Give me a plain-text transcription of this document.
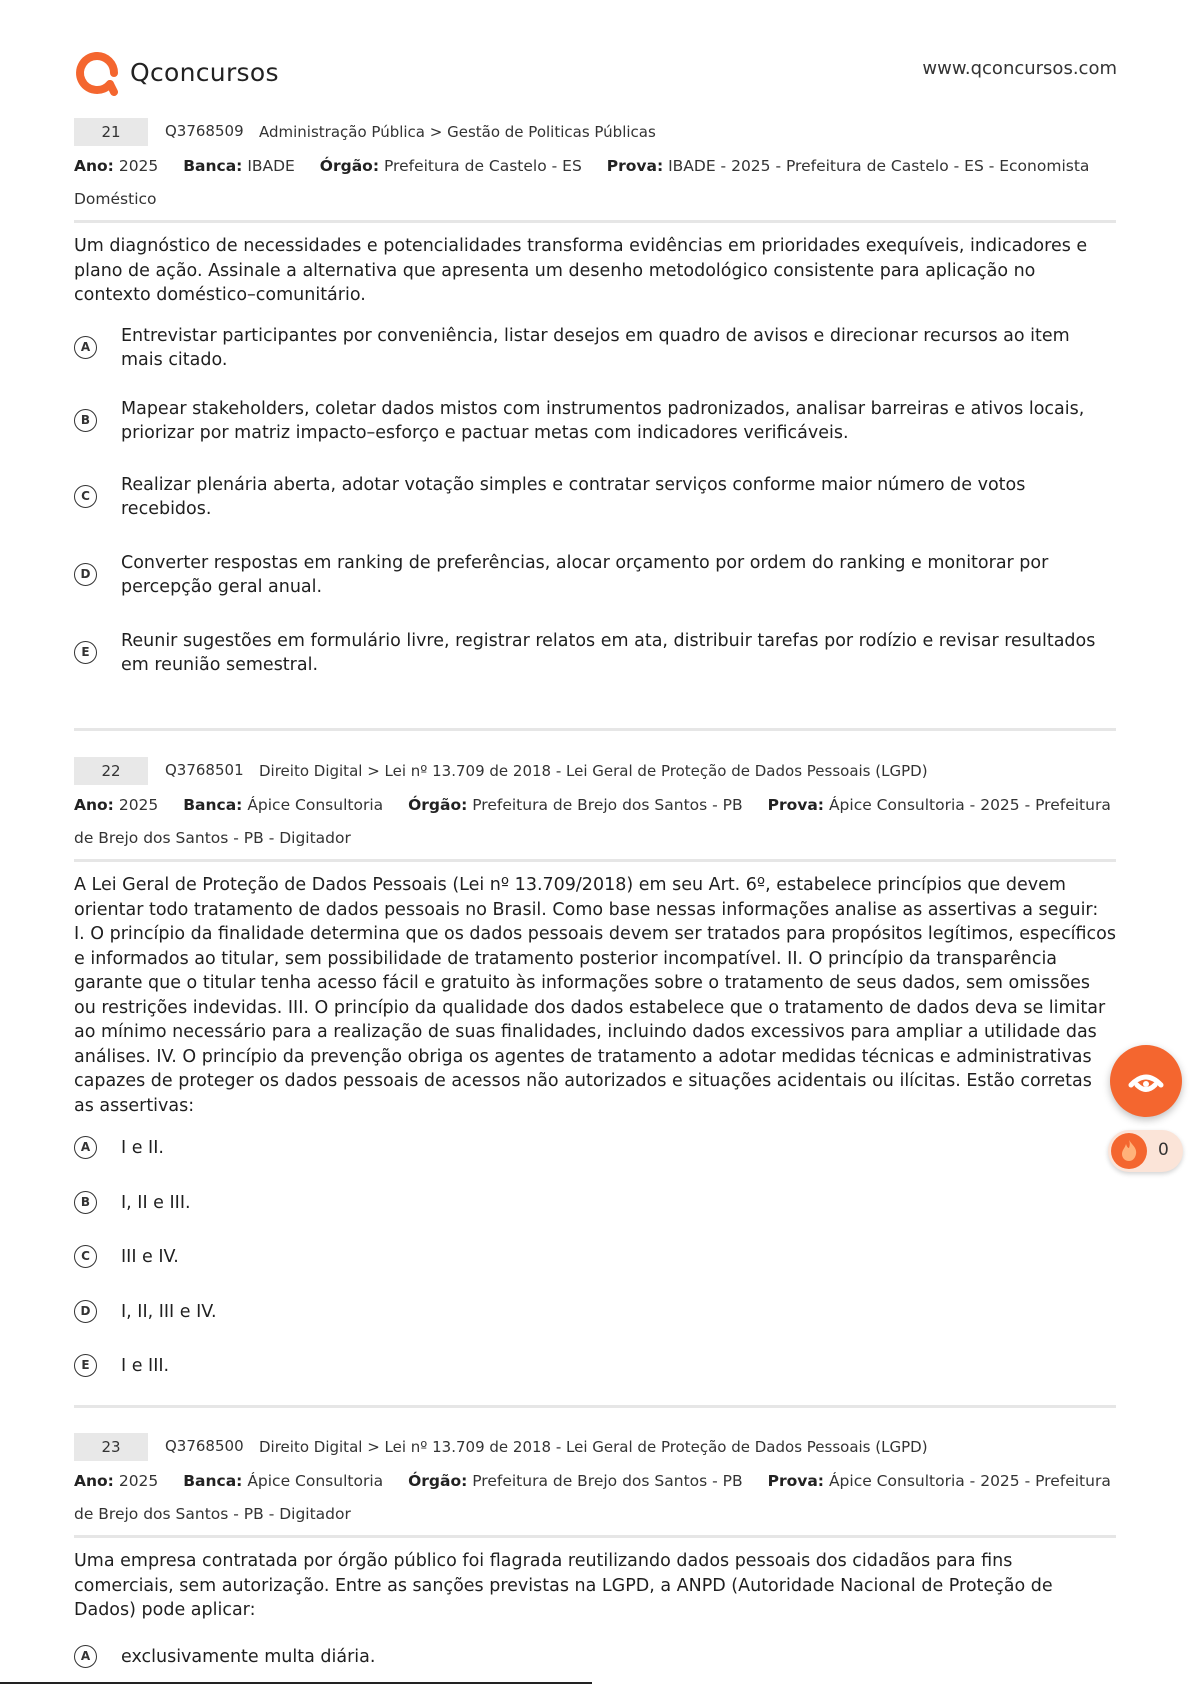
Qconcursos	www.qconcursos.com
21	Q3768509 Administração Pública > Gestão de Politicas Públicas
Ano: 2025 Banca: IBADE Órgão: Prefeitura de Castelo - ES Prova: IBADE - 2025 - Prefeitura de Castelo - ES - Economista Doméstico

Um diagnóstico de necessidades e potencialidades transforma evidências em prioridades exequíveis, indicadores e plano de ação. Assinale a alternativa que apresenta um desenho metodológico consistente para aplicação no contexto doméstico–comunitário.

A
Entrevistar participantes por conveniência, listar desejos em quadro de avisos e direcionar recursos ao item mais citado.
B
Mapear stakeholders, coletar dados mistos com instrumentos padronizados, analisar barreiras e ativos locais, priorizar por matriz impacto–esforço e pactuar metas com indicadores verificáveis.
C
Realizar plenária aberta, adotar votação simples e contratar serviços conforme maior número de votos recebidos.
D
Converter respostas em ranking de preferências, alocar orçamento por ordem do ranking e monitorar por percepção geral anual.
E
Reunir sugestões em formulário livre, registrar relatos em ata, distribuir tarefas por rodízio e revisar resultados em reunião semestral.
22	Q3768501 Direito Digital > Lei nº 13.709 de 2018 - Lei Geral de Proteção de Dados Pessoais (LGPD)
Ano: 2025 Banca: Ápice Consultoria Órgão: Prefeitura de Brejo dos Santos - PB Prova: Ápice Consultoria - 2025 - Prefeitura de Brejo dos Santos - PB - Digitador

A Lei Geral de Proteção de Dados Pessoais (Lei nº 13.709/2018) em seu Art. 6º, estabelece princípios que devem orientar todo tratamento de dados pessoais no Brasil. Como base nessas informações analise as assertivas a seguir:

I. O princípio da finalidade determina que os dados pessoais devem ser tratados para propósitos legítimos, específicos e informados ao titular, sem possibilidade de tratamento posterior incompatível. II. O princípio da transparência garante que o titular tenha acesso fácil e gratuito às informações sobre o tratamento de seus dados, sem omissões ou restrições indevidas. III. O princípio da qualidade dos dados estabelece que o tratamento de dados deva se limitar ao mínimo necessário para a realização de suas finalidades, incluindo dados excessivos para ampliar a utilidade das análises. IV. O princípio da prevenção obriga os agentes de tratamento a adotar medidas técnicas e administrativas capazes de proteger os dados pessoais de acessos não autorizados e situações acidentais ou ilícitas. Estão corretas as assertivas:

A	I e II.
B	I, II e III.
C	III e IV.
D	I, II, III e IV.
E	I e III.
23	Q3768500 Direito Digital > Lei nº 13.709 de 2018 - Lei Geral de Proteção de Dados Pessoais (LGPD)
Ano: 2025 Banca: Ápice Consultoria Órgão: Prefeitura de Brejo dos Santos - PB Prova: Ápice Consultoria - 2025 - Prefeitura de Brejo dos Santos - PB - Digitador

Uma empresa contratada por órgão público foi flagrada reutilizando dados pessoais dos cidadãos para fins comerciais, sem autorização. Entre as sanções previstas na LGPD, a ANPD (Autoridade Nacional de Proteção de Dados) pode aplicar:

A	exclusivamente multa diária.
0
